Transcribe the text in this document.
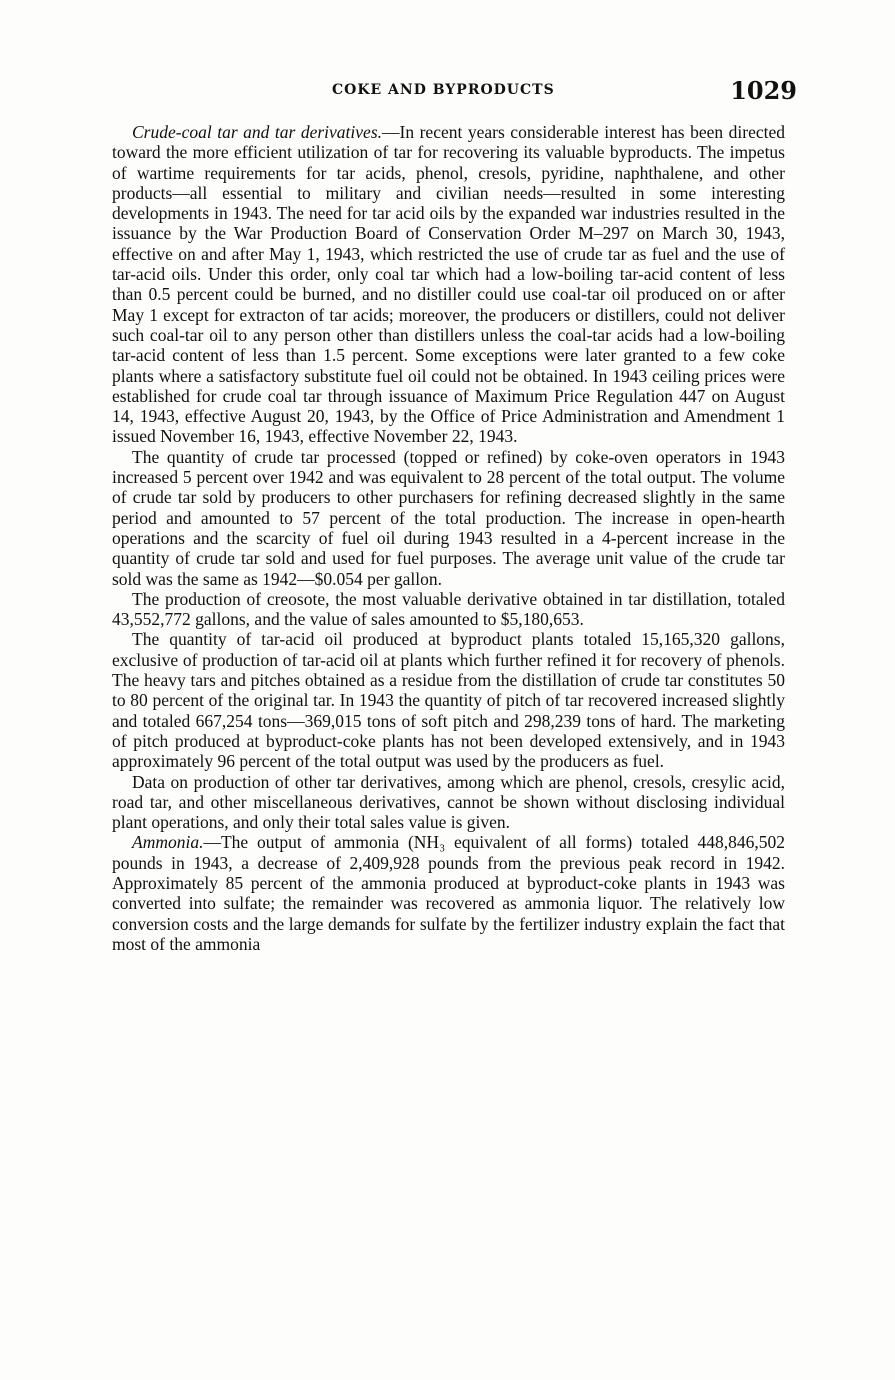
COKE AND BYPRODUCTS	1029

Crude-coal tar and tar derivatives.—In recent years considerable interest has been directed toward the more efficient utilization of tar for recovering its valuable byproducts. The impetus of wartime requirements for tar acids, phenol, cresols, pyridine, naphthalene, and other products—all essential to military and civilian needs—resulted in some interesting developments in 1943. The need for tar acid oils by the expanded war industries resulted in the issuance by the War Production Board of Conservation Order M–297 on March 30, 1943, effective on and after May 1, 1943, which restricted the use of crude tar as fuel and the use of tar-acid oils. Under this order, only coal tar which had a low-boiling tar-acid content of less than 0.5 percent could be burned, and no distiller could use coal-tar oil produced on or after May 1 except for extracton of tar acids; moreover, the producers or distillers, could not deliver such coal-tar oil to any person other than distillers unless the coal-tar acids had a low-boiling tar-acid content of less than 1.5 percent. Some exceptions were later granted to a few coke plants where a satisfactory substitute fuel oil could not be obtained. In 1943 ceiling prices were established for crude coal tar through issuance of Maximum Price Regulation 447 on August 14, 1943, effective August 20, 1943, by the Office of Price Administration and Amendment 1 issued November 16, 1943, effective November 22, 1943.

The quantity of crude tar processed (topped or refined) by coke-oven operators in 1943 increased 5 percent over 1942 and was equivalent to 28 percent of the total output. The volume of crude tar sold by producers to other purchasers for refining decreased slightly in the same period and amounted to 57 percent of the total production. The increase in open-hearth operations and the scarcity of fuel oil during 1943 resulted in a 4-percent increase in the quantity of crude tar sold and used for fuel purposes. The average unit value of the crude tar sold was the same as 1942—$0.054 per gallon.

The production of creosote, the most valuable derivative obtained in tar distillation, totaled 43,552,772 gallons, and the value of sales amounted to $5,180,653.

The quantity of tar-acid oil produced at byproduct plants totaled 15,165,320 gallons, exclusive of production of tar-acid oil at plants which further refined it for recovery of phenols. The heavy tars and pitches obtained as a residue from the distillation of crude tar constitutes 50 to 80 percent of the original tar. In 1943 the quantity of pitch of tar recovered increased slightly and totaled 667,254 tons—369,015 tons of soft pitch and 298,239 tons of hard. The marketing of pitch produced at byproduct-coke plants has not been developed extensively, and in 1943 approximately 96 percent of the total output was used by the producers as fuel.

Data on production of other tar derivatives, among which are phenol, cresols, cresylic acid, road tar, and other miscellaneous derivatives, cannot be shown without disclosing individual plant operations, and only their total sales value is given.

Ammonia.—The output of ammonia (NH₃ equivalent of all forms) totaled 448,846,502 pounds in 1943, a decrease of 2,409,928 pounds from the previous peak record in 1942. Approximately 85 percent of the ammonia produced at byproduct-coke plants in 1943 was converted into sulfate; the remainder was recovered as ammonia liquor. The relatively low conversion costs and the large demands for sulfate by the fertilizer industry explain the fact that most of the ammonia
